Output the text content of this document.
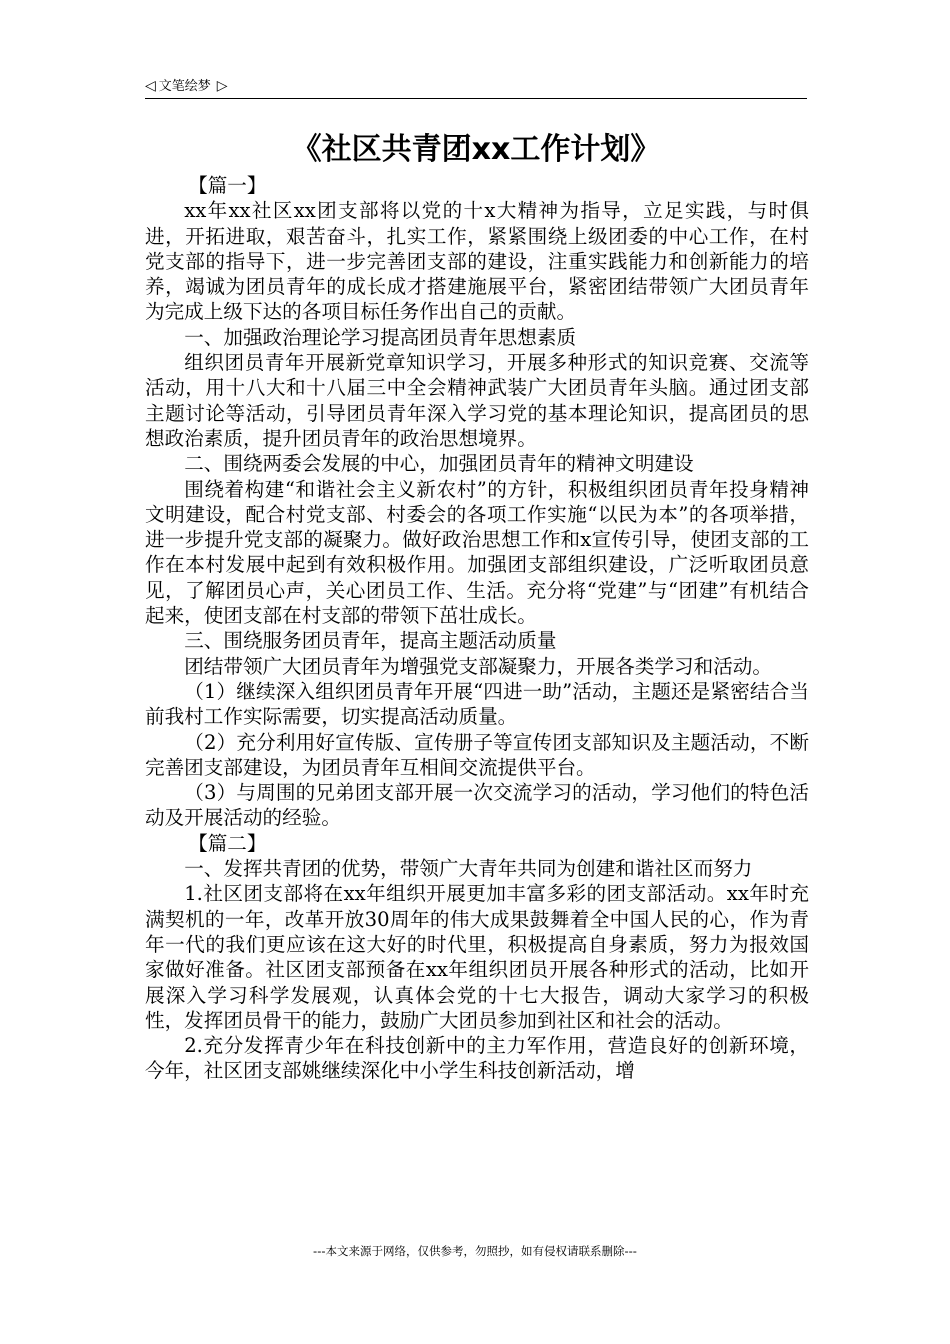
◁ 文笔绘梦 ▷
《社区共青团xx工作计划》

【篇一】

xx年xx社区xx团支部将以党的十x大精神为指导，立足实践，与时俱进，开拓进取，艰苦奋斗，扎实工作，紧紧围绕上级团委的中心工作，在村党支部的指导下，进一步完善团支部的建设，注重实践能力和创新能力的培养，竭诚为团员青年的成长成才搭建施展平台，紧密团结带领广大团员青年为完成上级下达的各项目标任务作出自己的贡献。

一、加强政治理论学习提高团员青年思想素质

组织团员青年开展新党章知识学习，开展多种形式的知识竞赛、交流等活动，用十八大和十八届三中全会精神武装广大团员青年头脑。通过团支部主题讨论等活动，引导团员青年深入学习党的基本理论知识，提高团员的思想政治素质，提升团员青年的政治思想境界。

二、围绕两委会发展的中心，加强团员青年的精神文明建设

围绕着构建“和谐社会主义新农村”的方针，积极组织团员青年投身精神文明建设，配合村党支部、村委会的各项工作实施“以民为本”的各项举措，进一步提升党支部的凝聚力。做好政治思想工作和x宣传引导，使团支部的工作在本村发展中起到有效积极作用。加强团支部组织建设，广泛听取团员意见，了解团员心声，关心团员工作、生活。充分将“党建”与“团建”有机结合起来，使团支部在村支部的带领下茁壮成长。

三、围绕服务团员青年，提高主题活动质量

团结带领广大团员青年为增强党支部凝聚力，开展各类学习和活动。

（1）继续深入组织团员青年开展“四进一助”活动，主题还是紧密结合当前我村工作实际需要，切实提高活动质量。

（2）充分利用好宣传版、宣传册子等宣传团支部知识及主题活动，不断完善团支部建设，为团员青年互相间交流提供平台。

（3）与周围的兄弟团支部开展一次交流学习的活动，学习他们的特色活动及开展活动的经验。

【篇二】

一、发挥共青团的优势，带领广大青年共同为创建和谐社区而努力

1.社区团支部将在xx年组织开展更加丰富多彩的团支部活动。xx年时充满契机的一年，改革开放30周年的伟大成果鼓舞着全中国人民的心，作为青年一代的我们更应该在这大好的时代里，积极提高自身素质，努力为报效国家做好准备。社区团支部预备在xx年组织团员开展各种形式的活动，比如开展深入学习科学发展观，认真体会党的十七大报告，调动大家学习的积极性，发挥团员骨干的能力，鼓励广大团员参加到社区和社会的活动。

2.充分发挥青少年在科技创新中的主力军作用，营造良好的创新环境，今年，社区团支部姚继续深化中小学生科技创新活动，增

---本文来源于网络，仅供参考，勿照抄，如有侵权请联系删除---
